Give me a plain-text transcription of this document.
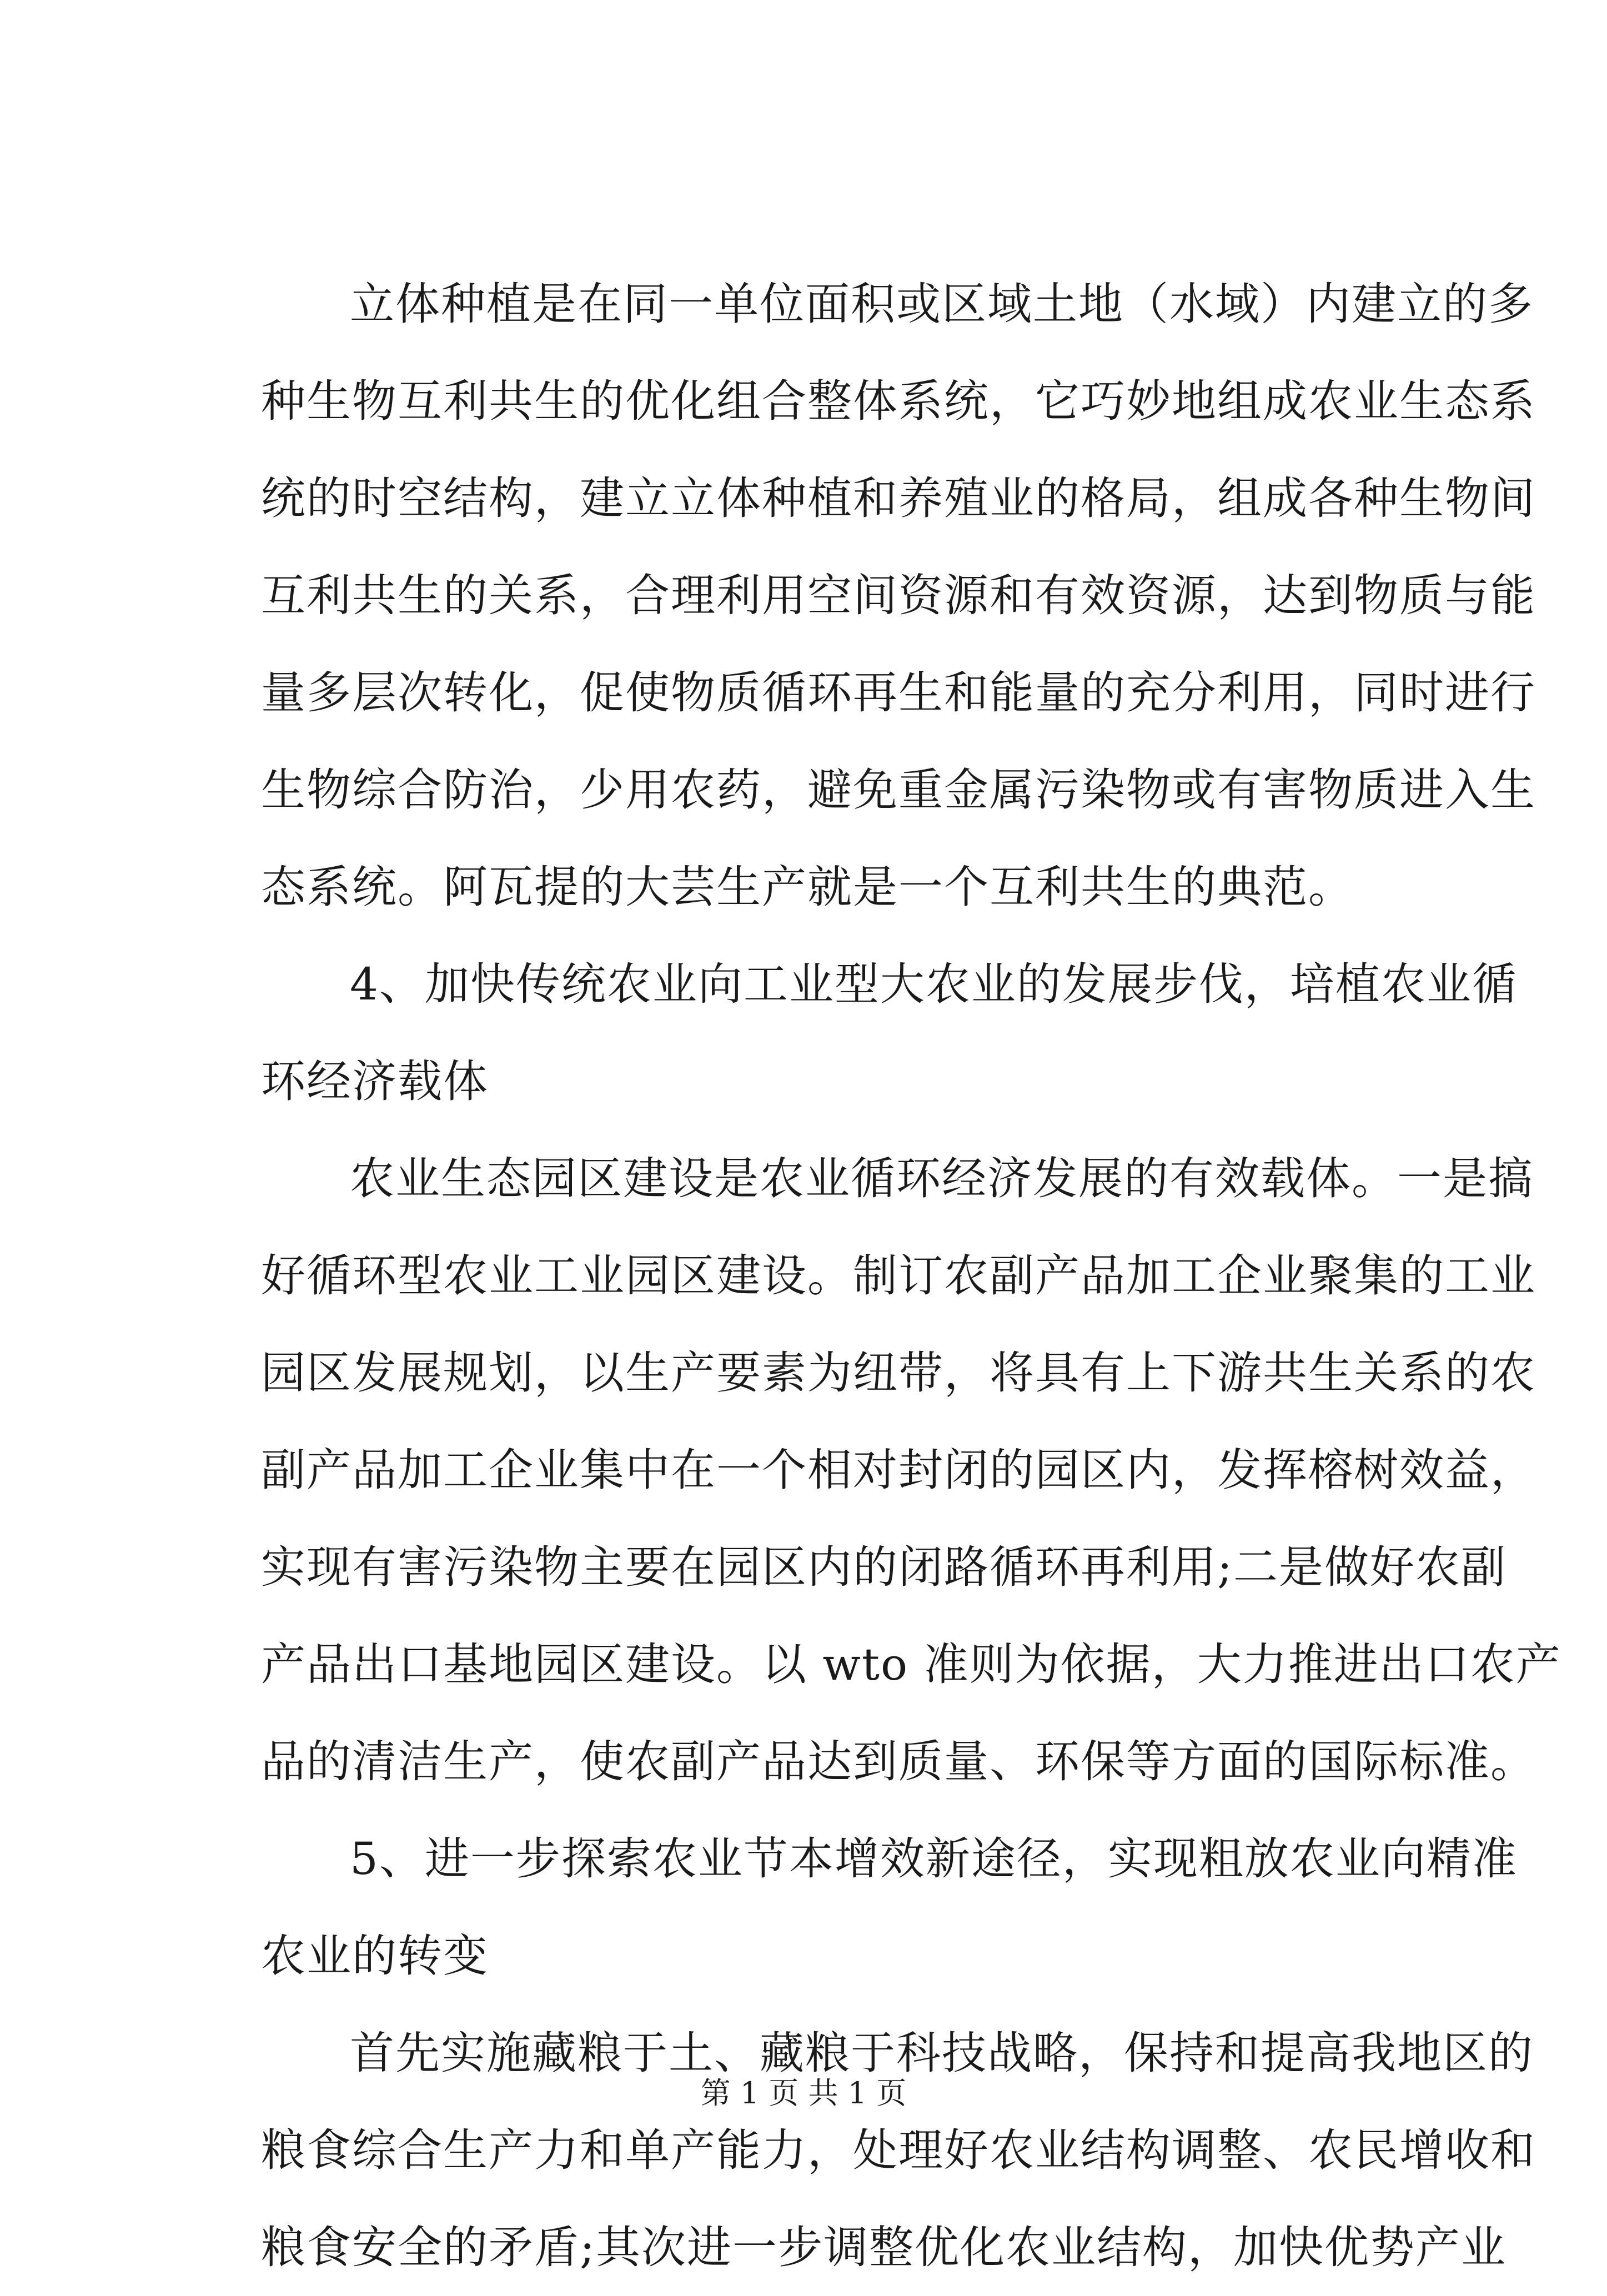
立体种植是在同一单位面积或区域土地（水域）内建立的多
种生物互利共生的优化组合整体系统，它巧妙地组成农业生态系
统的时空结构，建立立体种植和养殖业的格局，组成各种生物间
互利共生的关系，合理利用空间资源和有效资源，达到物质与能
量多层次转化，促使物质循环再生和能量的充分利用，同时进行
生物综合防治，少用农药，避免重金属污染物或有害物质进入生
态系统。阿瓦提的大芸生产就是一个互利共生的典范。
4、加快传统农业向工业型大农业的发展步伐，培植农业循
环经济载体
农业生态园区建设是农业循环经济发展的有效载体。一是搞
好循环型农业工业园区建设。制订农副产品加工企业聚集的工业
园区发展规划，以生产要素为纽带，将具有上下游共生关系的农
副产品加工企业集中在一个相对封闭的园区内，发挥榕树效益，
实现有害污染物主要在园区内的闭路循环再利用;二是做好农副
产品出口基地园区建设。以 wto 准则为依据，大力推进出口农产
品的清洁生产，使农副产品达到质量、环保等方面的国际标准。
5、进一步探索农业节本增效新途径，实现粗放农业向精准
农业的转变
首先实施藏粮于土、藏粮于科技战略，保持和提高我地区的
粮食综合生产力和单产能力，处理好农业结构调整、农民增收和
粮食安全的矛盾;其次进一步调整优化农业结构，加快优势产业
第 1 页 共 1 页
